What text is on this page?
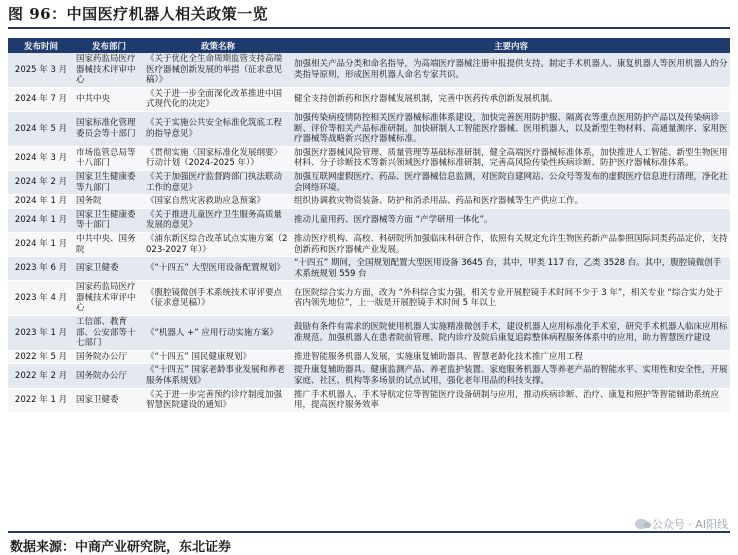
图 96：中国医疗机器人相关政策一览
发布时间	发布部门	政策名称	主要内容
2025 年 3 月	国家药监局医疗器械技术评审中心	《关于优化全生命周期监管支持高端医疗器械创新发展的举措（征求意见稿）》	加强相关产品分类和命名指导，为高端医疗器械注册申报提供支持。制定手术机器人、康复机器人等医用机器人的分类指导原则，形成医用机器人命名专家共识。
2024 年 7 月	中共中央	《关于进一步全面深化改革推进中国式现代化的决定》	健全支持创新药和医疗器械发展机制，完善中医药传承创新发展机制。
2024 年 5 月	国家标准化管理委员会等十部门	《关于实施公共安全标准化筑底工程的指导意见》	加强传染病疫情防控相关医疗器械标准体系建设，加快完善医用防护服、隔离衣等重点医用防护产品以及传染病诊断、评价等相关产品标准研制。加快研制人工智能医疗器械、医用机器人，以及新型生物材料、高通量测序、家用医疗器械等战略新兴医疗器械标准。
2024 年 3 月	市场监管总局等十八部门	《贯彻实施〈国家标准化发展纲要〉行动计划（2024-2025 年）》	加强医疗器械风险管理、质量管理等基础标准研制，健全高端医疗器械标准体系，加快推进人工智能、新型生物医用材料、分子诊断技术等新兴领域医疗器械标准研制，完善高风险传染性疾病诊断、防护医疗器械标准体系。
2024 年 2 月	国家卫生健康委等九部门	《关于加强医疗监督跨部门执法联动工作的意见》	加强互联网虚假医疗、药品、医疗器械信息监测，对医院自建网站、公众号等发布的虚假医疗信息进行清理，净化社会网络环境。
2024 年 1 月	国务院	《国家自然灾害救助应急预案》	组织协调救灾物资装备、防护和消杀用品、药品和医疗器械等生产供应工作。
2024 年 1 月	国家卫生健康委等十部门	《关于推进儿童医疗卫生服务高质量发展的意见》	推动儿童用药、医疗器械等方面 “产学研用一体化”。
2024 年 1 月	中共中央、国务院	《浦东新区综合改革试点实施方案（2023-2027 年）》	推动医疗机构、高校、科研院所加强临床科研合作，依照有关规定允许生物医药新产品参照国际同类药品定价，支持创新药和医疗器械产业发展。
2023 年 6 月	国家卫健委	《“十四五” 大型医用设备配置规划》	“十四五” 期间，全国规划配置大型医用设备 3645 台，其中，甲类 117 台，乙类 3528 台。其中，腹腔镜微创手术系统规划 559 台
2023 年 4 月	国家药监局医疗器械技术审评中心	《腹腔镜微创手术系统技术审评要点（征求意见稿）》	在医院综合实力方面，改为 “外科综合实力强，相关专业开展腔镜手术时间不少于 3 年”，相关专业 “综合实力处于省内领先地位”，上一版是开展腔镜手术时间 5 年以上
2023 年 1 月	工信部、教育部、公安部等十七部门	《“机器人 +” 应用行动实施方案》	鼓励有条件有需求的医院使用机器人实施精准微创手术，建设机器人应用标准化手术室，研究手术机器人临床应用标准规范。加强机器人在患者院前管理、院内诊疗及院后康复追踪整体病程服务体系中的应用，助力智慧医疗建设
2022 年 5 月	国务院办公厅	《“十四五” 国民健康规划》	推进智能服务机器人发展，实施康复辅助器具、智慧老龄化技术推广应用工程
2022 年 2 月	国务院办公厅	《“十四五” 国家老龄事业发展和养老服务体系规划》	提升康复辅助器具、健康监测产品、养老监护装置、家庭服务机器人等养老产品的智能水平、实用性和安全性，开展家庭、社区、机构等多场景的试点试用，强化老年用品的科技支撑。
2022 年 1 月	国家卫健委	《关于进一步完善预约诊疗制度加强智慧医院建设的通知》	推广手术机器人、手术导航定位等智能医疗设备研制与应用，推动疾病诊断、治疗、康复和照护等智能辅助系统应用，提高医疗服务效率
数据来源：中商产业研究院，东北证券
公众号 · AI阳线
